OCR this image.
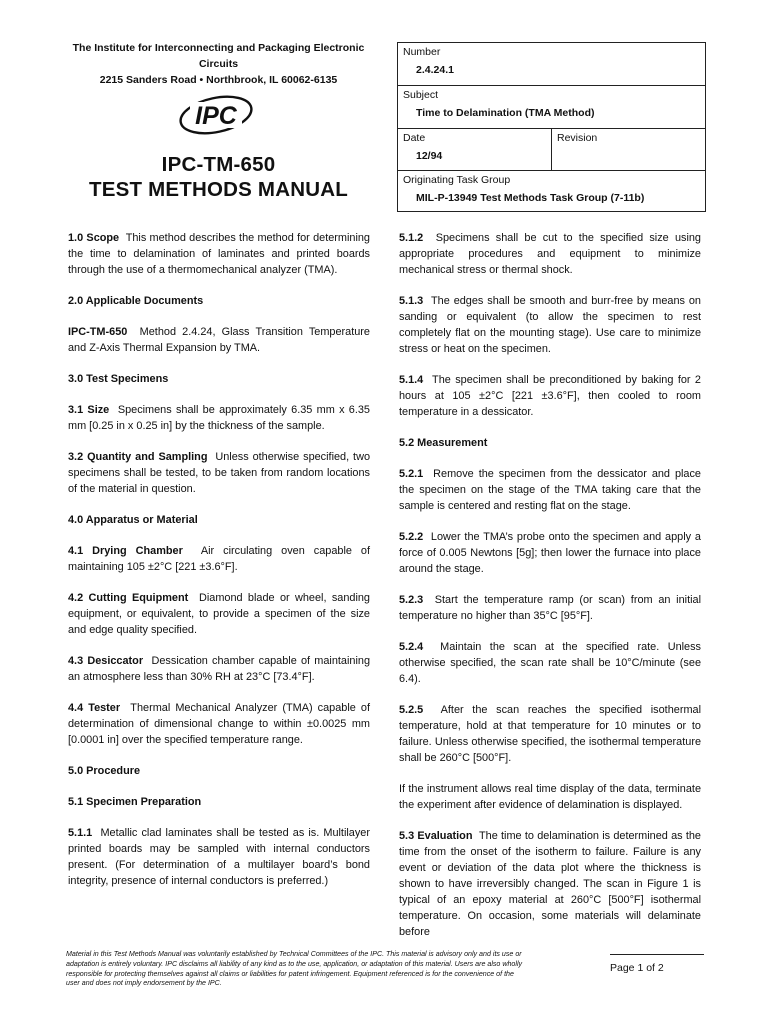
The Institute for Interconnecting and Packaging Electronic Circuits
2215 Sanders Road • Northbrook, IL 60062-6135
IPC
IPC-TM-650
TEST METHODS MANUAL
Number
2.4.24.1
Subject
Time to Delamination (TMA Method)
Date
12/94
Revision
Originating Task Group
MIL-P-13949 Test Methods Task Group (7-11b)

1.0 Scope This method describes the method for determining the time to delamination of laminates and printed boards through the use of a thermomechanical analyzer (TMA).

2.0 Applicable Documents

IPC-TM-650 Method 2.4.24, Glass Transition Temperature and Z-Axis Thermal Expansion by TMA.

3.0 Test Specimens

3.1 Size Specimens shall be approximately 6.35 mm x 6.35 mm [0.25 in x 0.25 in] by the thickness of the sample.

3.2 Quantity and Sampling Unless otherwise specified, two specimens shall be tested, to be taken from random locations of the material in question.

4.0 Apparatus or Material

4.1 Drying Chamber Air circulating oven capable of maintaining 105 ±2°C [221 ±3.6°F].

4.2 Cutting Equipment Diamond blade or wheel, sanding equipment, or equivalent, to provide a specimen of the size and edge quality specified.

4.3 Desiccator Dessication chamber capable of maintaining an atmosphere less than 30% RH at 23°C [73.4°F].

4.4 Tester Thermal Mechanical Analyzer (TMA) capable of determination of dimensional change to within ±0.0025 mm [0.0001 in] over the specified temperature range.

5.0 Procedure

5.1 Specimen Preparation

5.1.1 Metallic clad laminates shall be tested as is. Multilayer printed boards may be sampled with internal conductors present. (For determination of a multilayer board’s bond integrity, presence of internal conductors is preferred.)

5.1.2 Specimens shall be cut to the specified size using appropriate procedures and equipment to minimize mechanical stress or thermal shock.

5.1.3 The edges shall be smooth and burr-free by means on sanding or equivalent (to allow the specimen to rest completely flat on the mounting stage). Use care to minimize stress or heat on the specimen.

5.1.4 The specimen shall be preconditioned by baking for 2 hours at 105 ±2°C [221 ±3.6°F], then cooled to room temperature in a dessicator.

5.2 Measurement

5.2.1 Remove the specimen from the dessicator and place the specimen on the stage of the TMA taking care that the sample is centered and resting flat on the stage.

5.2.2 Lower the TMA’s probe onto the specimen and apply a force of 0.005 Newtons [5g]; then lower the furnace into place around the stage.

5.2.3 Start the temperature ramp (or scan) from an initial temperature no higher than 35°C [95°F].

5.2.4 Maintain the scan at the specified rate. Unless otherwise specified, the scan rate shall be 10°C/minute (see 6.4).

5.2.5 After the scan reaches the specified isothermal temperature, hold at that temperature for 10 minutes or to failure. Unless otherwise specified, the isothermal temperature shall be 260°C [500°F].

If the instrument allows real time display of the data, terminate the experiment after evidence of delamination is displayed.

5.3 Evaluation The time to delamination is determined as the time from the onset of the isotherm to failure. Failure is any event or deviation of the data plot where the thickness is shown to have irreversibly changed. The scan in Figure 1 is typical of an epoxy material at 260°C [500°F] isothermal temperature. On occasion, some materials will delaminate before

Material in this Test Methods Manual was voluntarily established by Technical Committees of the IPC. This material is advisory only and its use or adaptation is entirely voluntary. IPC disclaims all liability of any kind as to the use, application, or adaptation of this material. Users are also wholly responsible for protecting themselves against all claims or liabilities for patent infringement. Equipment referenced is for the convenience of the user and does not imply endorsement by the IPC.
Page 1 of 2
